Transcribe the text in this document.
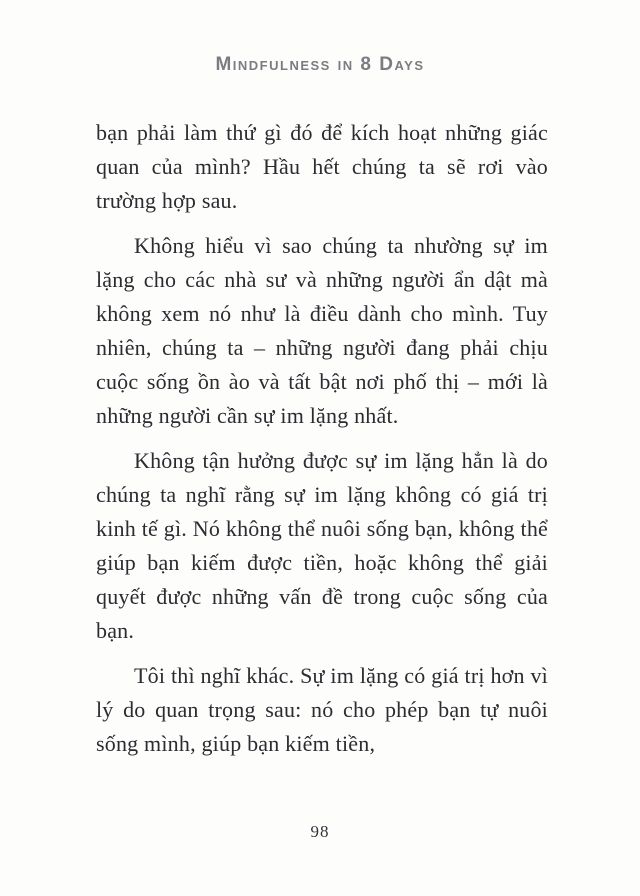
Mindfulness in 8 Days

bạn phải làm thứ gì đó để kích hoạt những giác quan của mình? Hầu hết chúng ta sẽ rơi vào trường hợp sau.

Không hiểu vì sao chúng ta nhường sự im lặng cho các nhà sư và những người ẩn dật mà không xem nó như là điều dành cho mình. Tuy nhiên, chúng ta – những người đang phải chịu cuộc sống ồn ào và tất bật nơi phố thị – mới là những người cần sự im lặng nhất.

Không tận hưởng được sự im lặng hẳn là do chúng ta nghĩ rằng sự im lặng không có giá trị kinh tế gì. Nó không thể nuôi sống bạn, không thể giúp bạn kiếm được tiền, hoặc không thể giải quyết được những vấn đề trong cuộc sống của bạn.

Tôi thì nghĩ khác. Sự im lặng có giá trị hơn vì lý do quan trọng sau: nó cho phép bạn tự nuôi sống mình, giúp bạn kiếm tiền,

98
